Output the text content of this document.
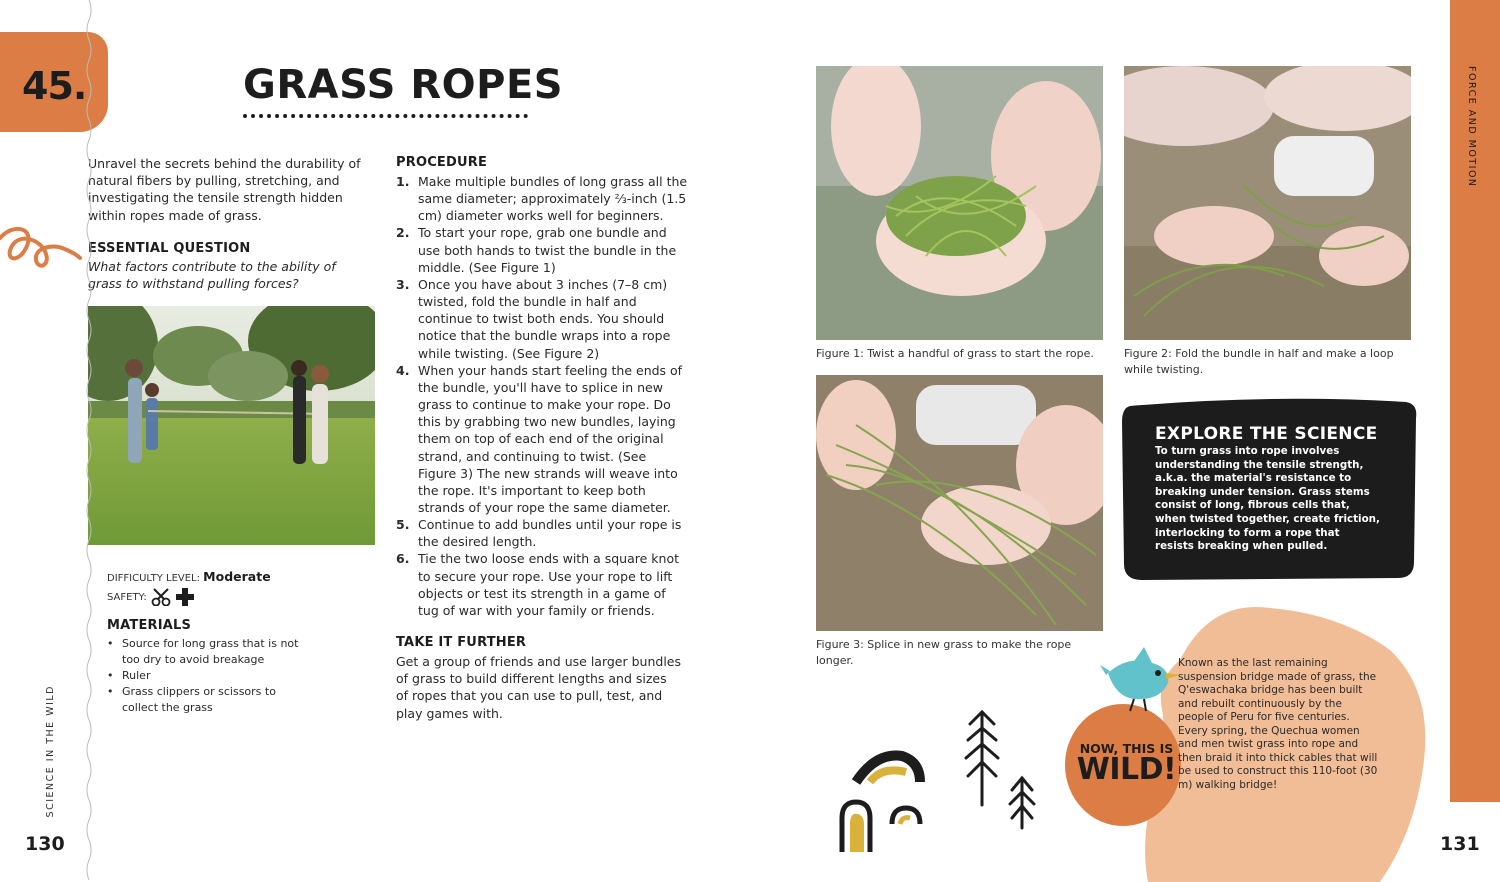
45.	GRASS ROPES
Unravel the secrets behind the durability of natural fibers by pulling, stretching, and investigating the tensile strength hidden within ropes made of grass.
ESSENTIAL QUESTION
What factors contribute to the ability of grass to withstand pulling forces?
DIFFICULTY LEVEL: Moderate
SAFETY:
MATERIALS
• Source for long grass that is not too dry to avoid breakage
• Ruler
• Grass clippers or scissors to collect the grass
SCIENCE IN THE WILD
130
PROCEDURE
1. Make multiple bundles of long grass all the same diameter; approximately ⅔-inch (1.5 cm) diameter works well for beginners.
2. To start your rope, grab one bundle and use both hands to twist the bundle in the middle. (See Figure 1)
3. Once you have about 3 inches (7–8 cm) twisted, fold the bundle in half and continue to twist both ends. You should notice that the bundle wraps into a rope while twisting. (See Figure 2)
4. When your hands start feeling the ends of the bundle, you'll have to splice in new grass to continue to make your rope. Do this by grabbing two new bundles, laying them on top of each end of the original strand, and continuing to twist. (See Figure 3) The new strands will weave into the rope. It's important to keep both strands of your rope the same diameter.
5. Continue to add bundles until your rope is the desired length.
6. Tie the two loose ends with a square knot to secure your rope. Use your rope to lift objects or test its strength in a game of tug of war with your family or friends.
TAKE IT FURTHER
Get a group of friends and use larger bundles of grass to build different lengths and sizes of ropes that you can use to pull, test, and play games with.
Figure 1: Twist a handful of grass to start the rope.	Figure 2: Fold the bundle in half and make a loop while twisting.
Figure 3: Splice in new grass to make the rope longer.
EXPLORE THE SCIENCE
To turn grass into rope involves understanding the tensile strength, a.k.a. the material's resistance to breaking under tension. Grass stems consist of long, fibrous cells that, when twisted together, create friction, interlocking to form a rope that resists breaking when pulled.
NOW, THIS IS
WILD!
Known as the last remaining suspension bridge made of grass, the Q'eswachaka bridge has been built and rebuilt continuously by the people of Peru for five centuries. Every spring, the Quechua women and men twist grass into rope and then braid it into thick cables that will be used to construct this 110-foot (30 m) walking bridge!
FORCE AND MOTION
131
